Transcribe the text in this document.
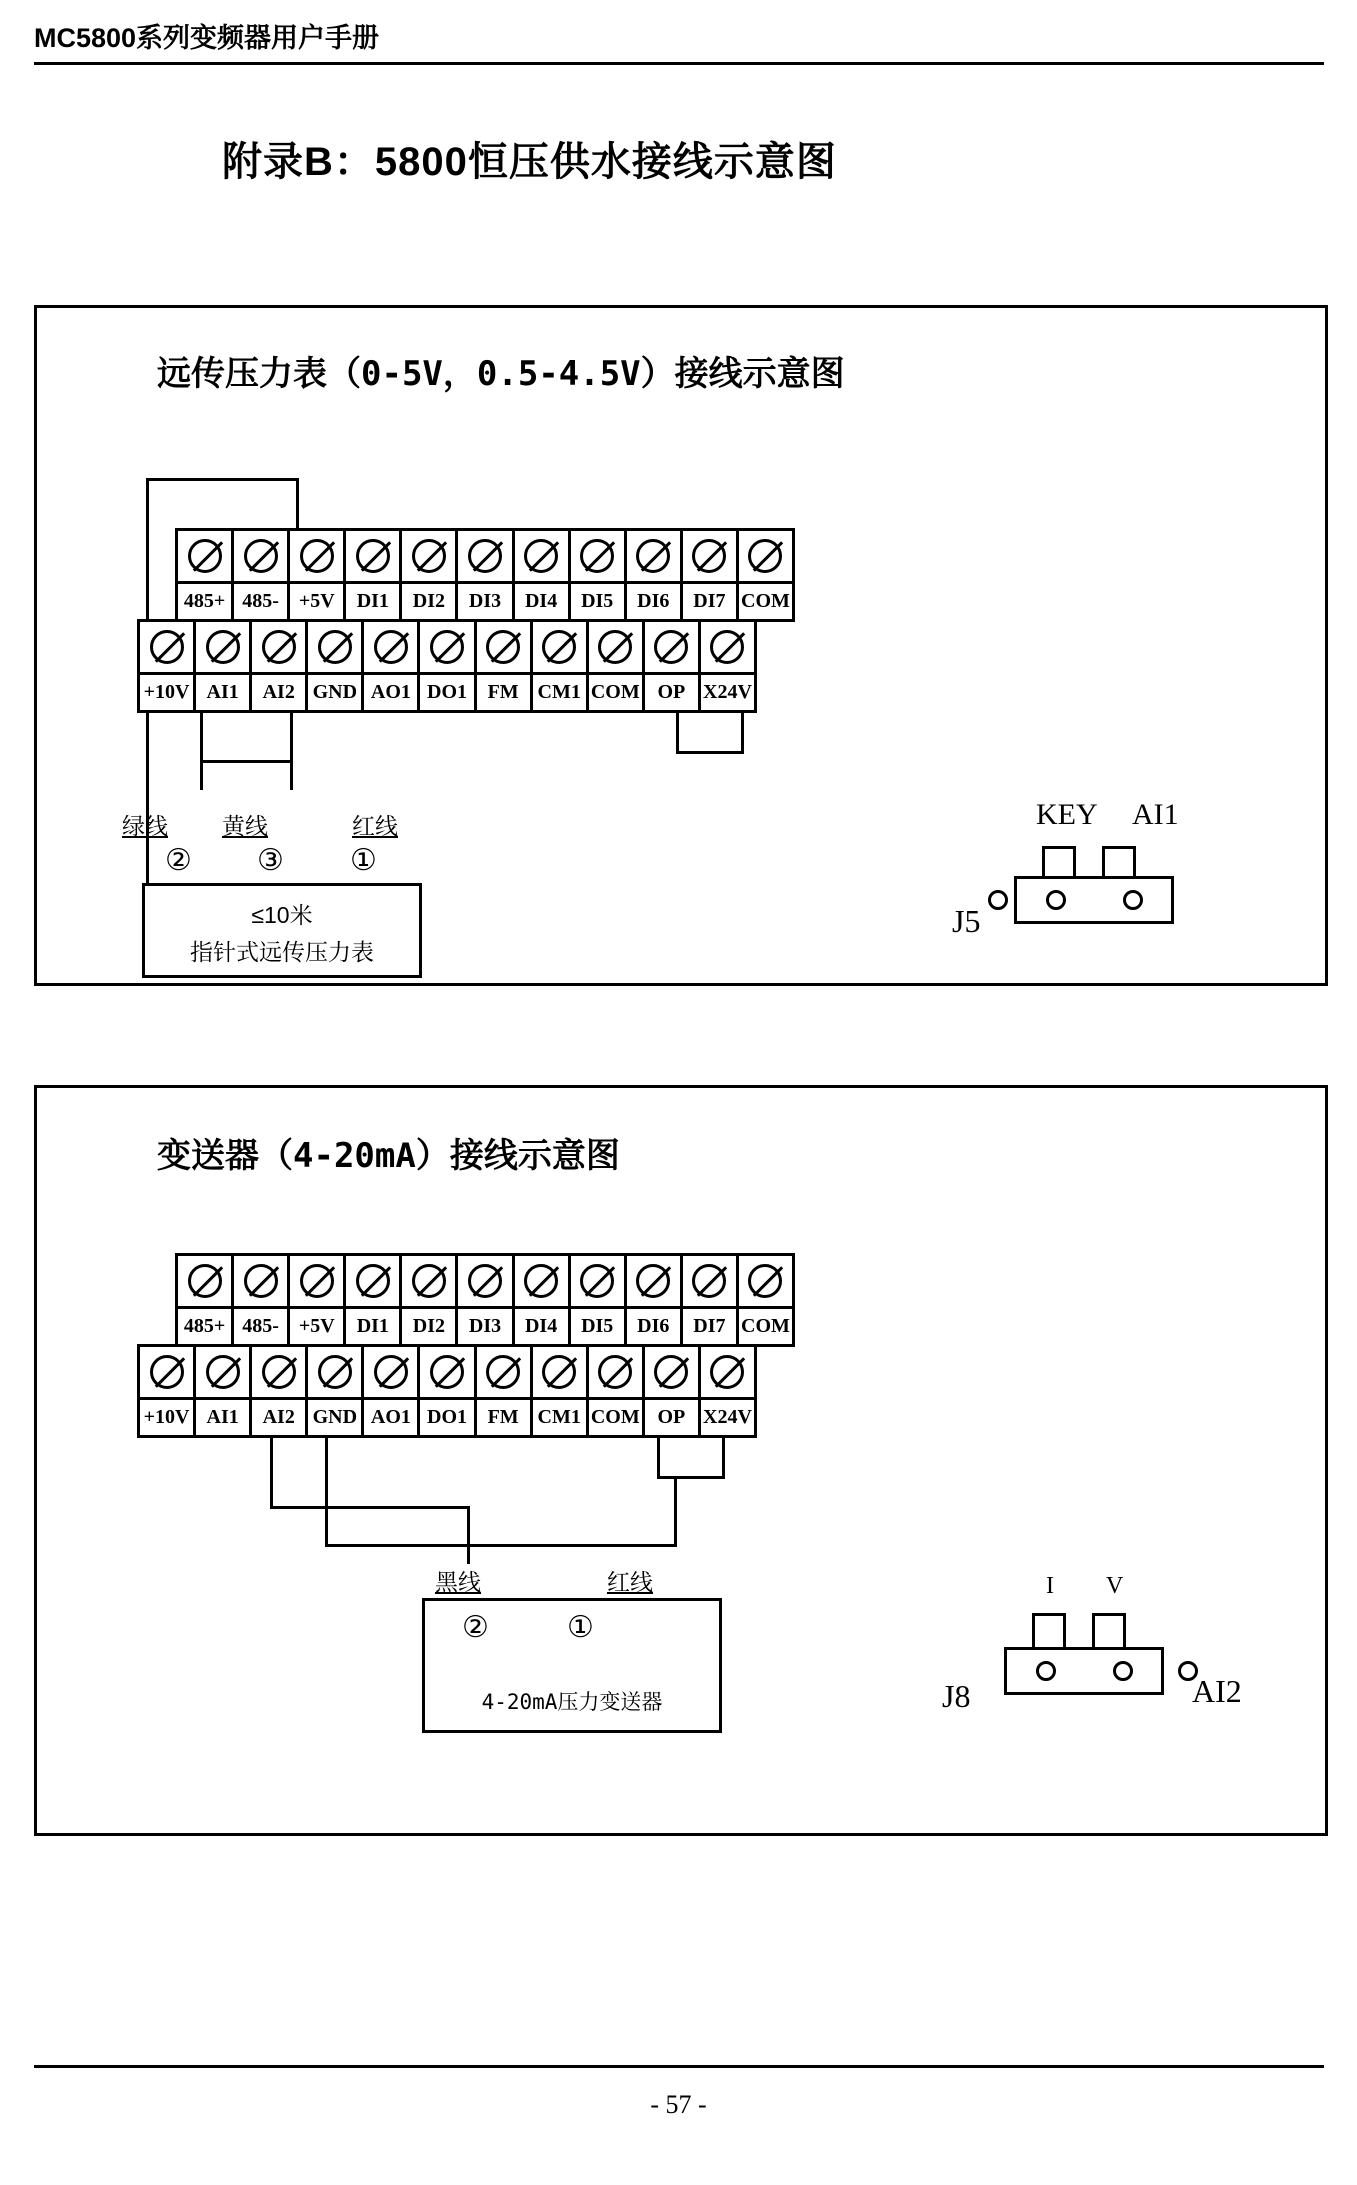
MC5800系列变频器用户手册
附录B：5800恒压供水接线示意图
远传压力表（0-5V，0.5-4.5V）接线示意图
485+ 485- +5V	DI1	DI2	DI3	DI4	DI5	DI6	DI7 COM
+10V AI1	AI2 GND AO1 DO1	FM CM1 COM OP X24V
绿线 黄线	红线
② ③ ①
≤10米
指针式远传压力表
J5
KEY AI1
变送器（4-20mA）接线示意图
485+ 485- +5V	DI1	DI2	DI3	DI4	DI5	DI6	DI7 COM
+10V AI1	AI2 GND AO1 DO1	FM CM1 COM OP X24V
黑线	红线
4-20mA压力变送器
②	①
J8
I V
AI2
- 57 -
